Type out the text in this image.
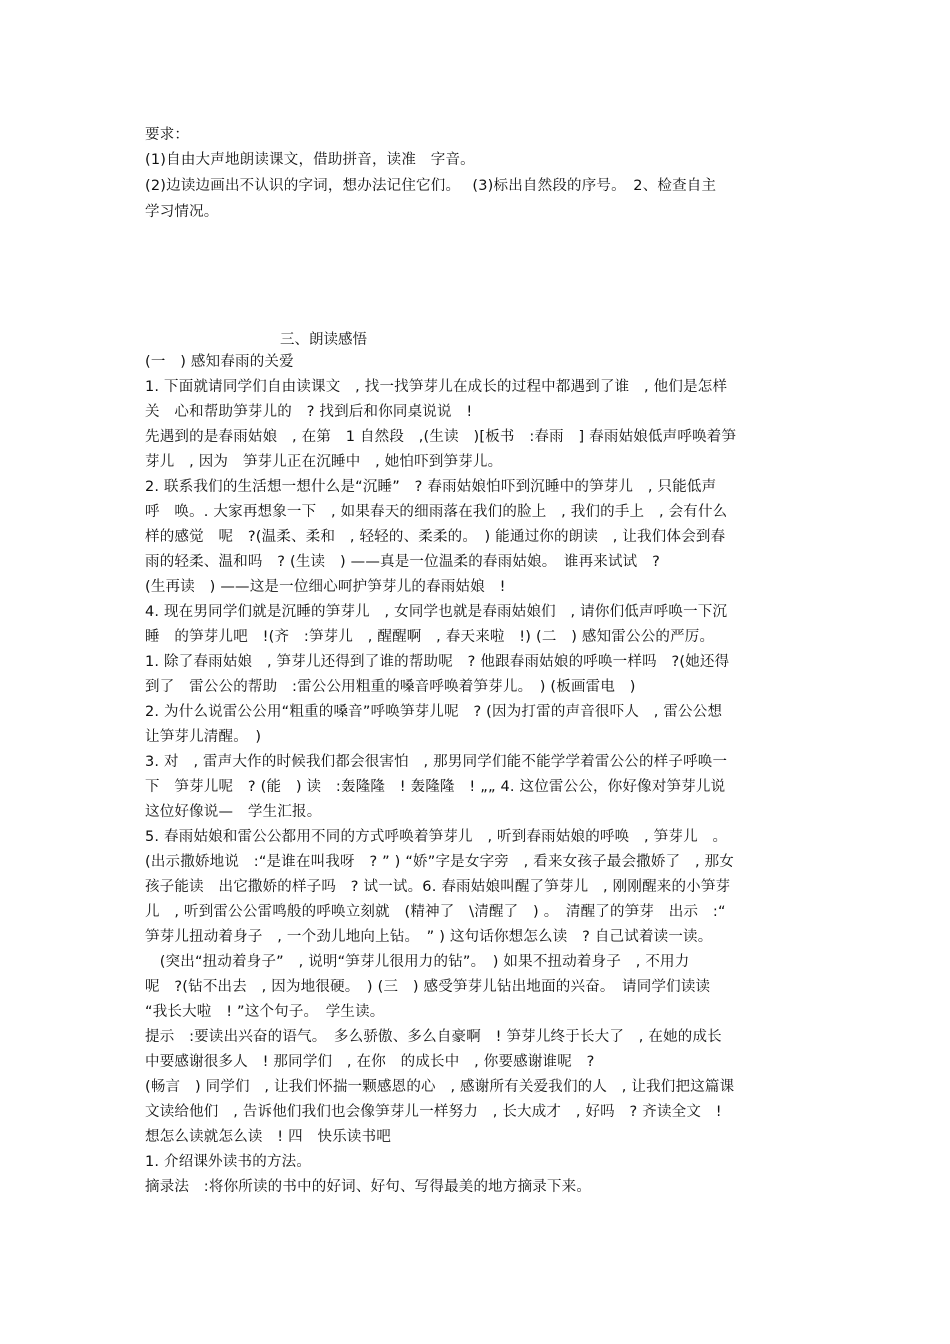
要求：
(1)自由大声地朗读课文，借助拼音，读准　字音。
(2)边读边画出不认识的字词，想办法记住它们。　 (3)标出自然段的序号。　2、检查自主
学习情况。
三、朗读感悟
(一　) 感知春雨的关爱
1. 下面就请同学们自由读课文　, 找一找笋芽儿在成长的过程中都遇到了谁　, 他们是怎样
关　心和帮助笋芽儿的　? 找到后和你同桌说说　!
先遇到的是春雨姑娘　, 在第　1 自然段　,(生读　)[板书　:春雨　] 春雨姑娘低声呼唤着笋
芽儿　, 因为　笋芽儿正在沉睡中　, 她怕吓到笋芽儿。
2. 联系我们的生活想一想什么是“沉睡”　? 春雨姑娘怕吓到沉睡中的笋芽儿　, 只能低声
呼　唤。. 大家再想象一下　, 如果春天的细雨落在我们的脸上　, 我们的手上　, 会有什么
样的感觉　呢　?(温柔、柔和　, 轻轻的、柔柔的。　) 能通过你的朗读　, 让我们体会到春
雨的轻柔、温和吗　? (生读　) ——真是一位温柔的春雨姑娘。　谁再来试试　?
(生再读　) ——这是一位细心呵护笋芽儿的春雨姑娘　!
4. 现在男同学们就是沉睡的笋芽儿　, 女同学也就是春雨姑娘们　, 请你们低声呼唤一下沉
睡　的笋芽儿吧　!(齐　:笋芽儿　, 醒醒啊　, 春天来啦　!) (二　) 感知雷公公的严厉。
1. 除了春雨姑娘　, 笋芽儿还得到了谁的帮助呢　? 他跟春雨姑娘的呼唤一样吗　?(她还得
到了　雷公公的帮助　:雷公公用粗重的嗓音呼唤着笋芽儿。　) (板画雷电　)
2. 为什么说雷公公用“粗重的嗓音”呼唤笋芽儿呢　? (因为打雷的声音很吓人　, 雷公公想
让笋芽儿清醒。　)
3. 对　, 雷声大作的时候我们都会很害怕　, 那男同学们能不能学学着雷公公的样子呼唤一
下　笋芽儿呢　? (能　) 读　:轰隆隆　! 轰隆隆　! „„ 4. 这位雷公公，你好像对笋芽儿说
这位好像说—　学生汇报。
5. 春雨姑娘和雷公公都用不同的方式呼唤着笋芽儿　, 听到春雨姑娘的呼唤　, 笋芽儿　。
(出示撒娇地说　:“是谁在叫我呀　? ” ) “娇”字是女字旁　, 看来女孩子最会撒娇了　, 那女
孩子能读　出它撒娇的样子吗　? 试一试。6. 春雨姑娘叫醒了笋芽儿　, 刚刚醒来的小笋芽
儿　, 听到雷公公雷鸣般的呼唤立刻就　(精神了　\清醒了　) 。　清醒了的笋芽　出示　:“
笋芽儿扭动着身子　, 一个劲儿地向上钻。　” ) 这句话你想怎么读　? 自己试着读一读。
　(突出“扭动着身子”　, 说明“笋芽儿很用力的钻”。　) 如果不扭动着身子　, 不用力
呢　?(钻不出去　, 因为地很硬。　) (三　) 感受笋芽儿钻出地面的兴奋。　请同学们读读
“我长大啦　! ”这个句子。　学生读。
提示　:要读出兴奋的语气。　多么骄傲、多么自豪啊　! 笋芽儿终于长大了　, 在她的成长
中要感谢很多人　! 那同学们　, 在你　的成长中　, 你要感谢谁呢　?
(畅言　) 同学们　, 让我们怀揣一颗感恩的心　, 感谢所有关爱我们的人　, 让我们把这篇课
文读给他们　, 告诉他们我们也会像笋芽儿一样努力　, 长大成才　, 好吗　? 齐读全文　!
想怎么读就怎么读　! 四　快乐读书吧
1. 介绍课外读书的方法。
摘录法　:将你所读的书中的好词、好句、写得最美的地方摘录下来。
